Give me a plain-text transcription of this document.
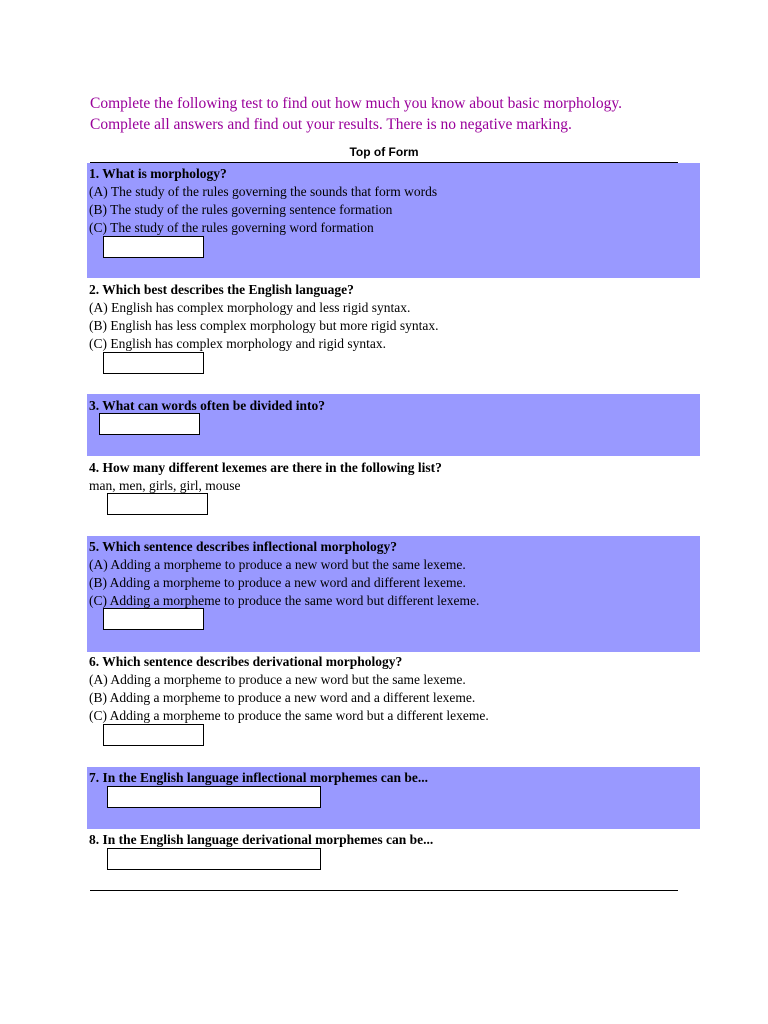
Complete the following test to find out how much you know about basic morphology.
Complete all answers and find out your results. There is no negative marking.
Top of Form

1. What is morphology?

(A) The study of the rules governing the sounds that form words

(B) The study of the rules governing sentence formation

(C) The study of the rules governing word formation

2. Which best describes the English language?

(A) English has complex morphology and less rigid syntax.

(B) English has less complex morphology but more rigid syntax.

(C) English has complex morphology and rigid syntax.

3. What can words often be divided into?

4. How many different lexemes are there in the following list?

man, men, girls, girl, mouse

5. Which sentence describes inflectional morphology?

(A) Adding a morpheme to produce a new word but the same lexeme.

(B) Adding a morpheme to produce a new word and different lexeme.

(C) Adding a morpheme to produce the same word but different lexeme.

6. Which sentence describes derivational morphology?

(A) Adding a morpheme to produce a new word but the same lexeme.

(B) Adding a morpheme to produce a new word and a different lexeme.

(C) Adding a morpheme to produce the same word but a different lexeme.

7. In the English language inflectional morphemes can be...

8. In the English language derivational morphemes can be...
